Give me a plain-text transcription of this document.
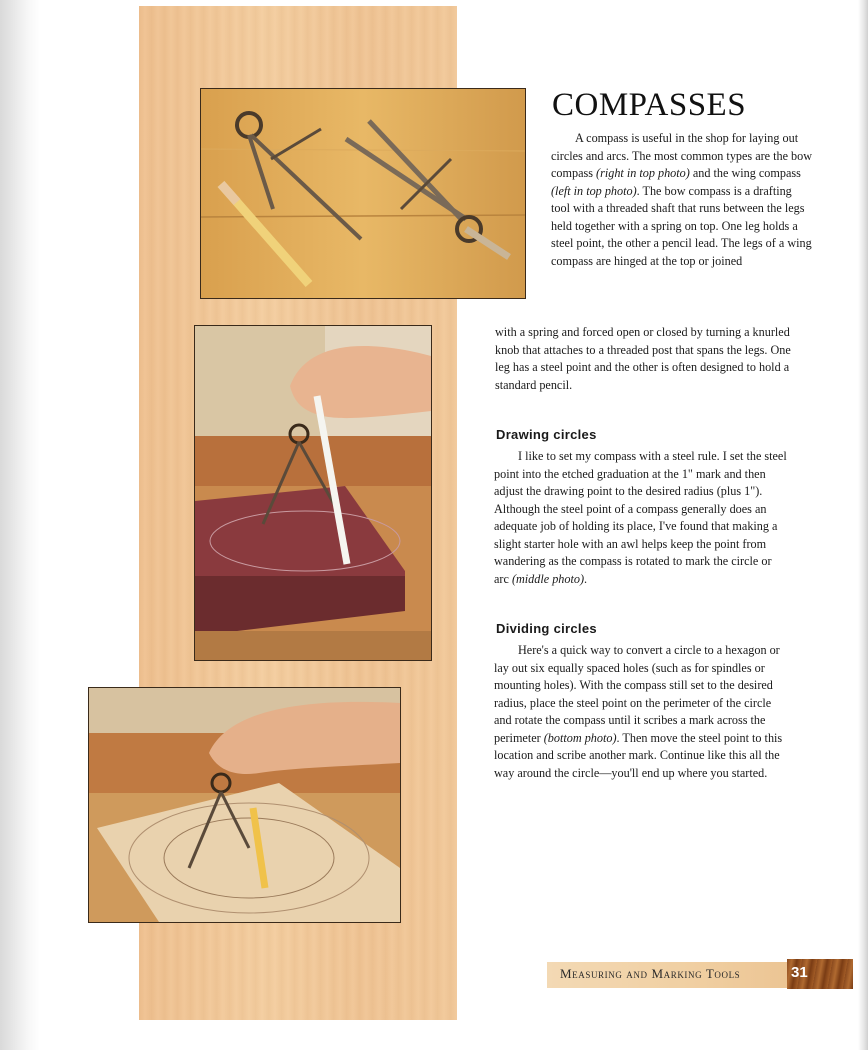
COMPASSES

A compass is useful in the shop for laying out circles and arcs. The most common types are the bow compass (right in top photo) and the wing compass (left in top photo). The bow compass is a drafting tool with a threaded shaft that runs between the legs held together with a spring on top. One leg holds a steel point, the other a pencil lead. The legs of a wing compass are hinged at the top or joined

with a spring and forced open or closed by turning a knurled knob that attaches to a threaded post that spans the legs. One leg has a steel point and the other is often designed to hold a standard pencil.

Drawing circles

I like to set my compass with a steel rule. I set the steel point into the etched graduation at the 1" mark and then adjust the drawing point to the desired radius (plus 1"). Although the steel point of a compass generally does an adequate job of holding its place, I've found that making a slight starter hole with an awl helps keep the point from wandering as the compass is rotated to mark the circle or arc (middle photo).

Dividing circles

Here's a quick way to convert a circle to a hexagon or lay out six equally spaced holes (such as for spindles or mounting holes). With the compass still set to the desired radius, place the steel point on the perimeter of the circle and rotate the compass until it scribes a mark across the perimeter (bottom photo). Then move the steel point to this location and scribe another mark. Continue like this all the way around the circle—you'll end up where you started.

Measuring and Marking Tools	31
